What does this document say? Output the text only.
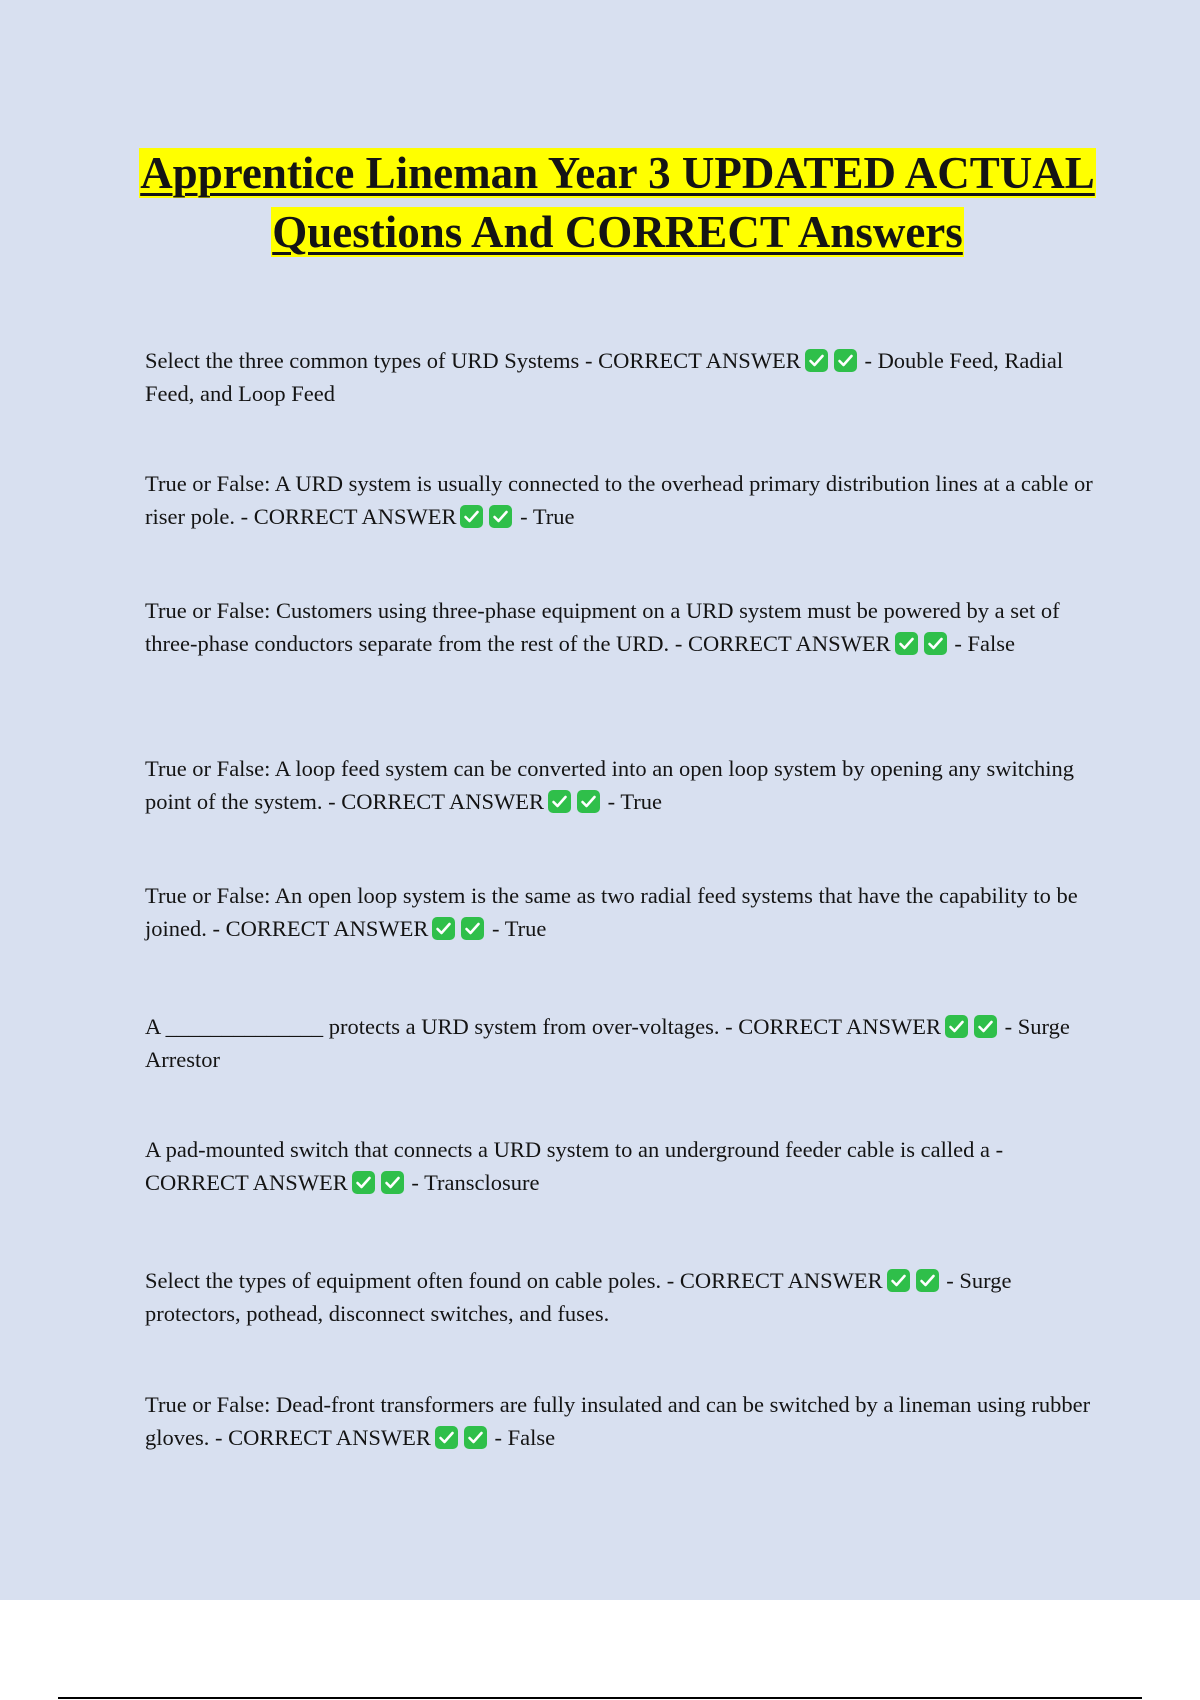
Apprentice Lineman Year 3 UPDATED ACTUAL Questions And CORRECT Answers

Select the three common types of URD Systems - CORRECT ANSWER	- Double Feed, Radial Feed, and Loop Feed

True or False: A URD system is usually connected to the overhead primary distribution lines at a cable or riser pole. - CORRECT ANSWER	- True

True or False: Customers using three-phase equipment on a URD system must be powered by a set of three-phase conductors separate from the rest of the URD. - CORRECT ANSWER	- False

True or False: A loop feed system can be converted into an open loop system by opening any switching point of the system. - CORRECT ANSWER	- True

True or False: An open loop system is the same as two radial feed systems that have the capability to be joined. - CORRECT ANSWER	- True

A ______________ protects a URD system from over-voltages. - CORRECT ANSWER	- Surge Arrestor

A pad-mounted switch that connects a URD system to an underground feeder cable is called a - CORRECT ANSWER	- Transclosure

Select the types of equipment often found on cable poles. - CORRECT ANSWER	- Surge protectors, pothead, disconnect switches, and fuses.

True or False: Dead-front transformers are fully insulated and can be switched by a lineman using rubber gloves. - CORRECT ANSWER	- False
